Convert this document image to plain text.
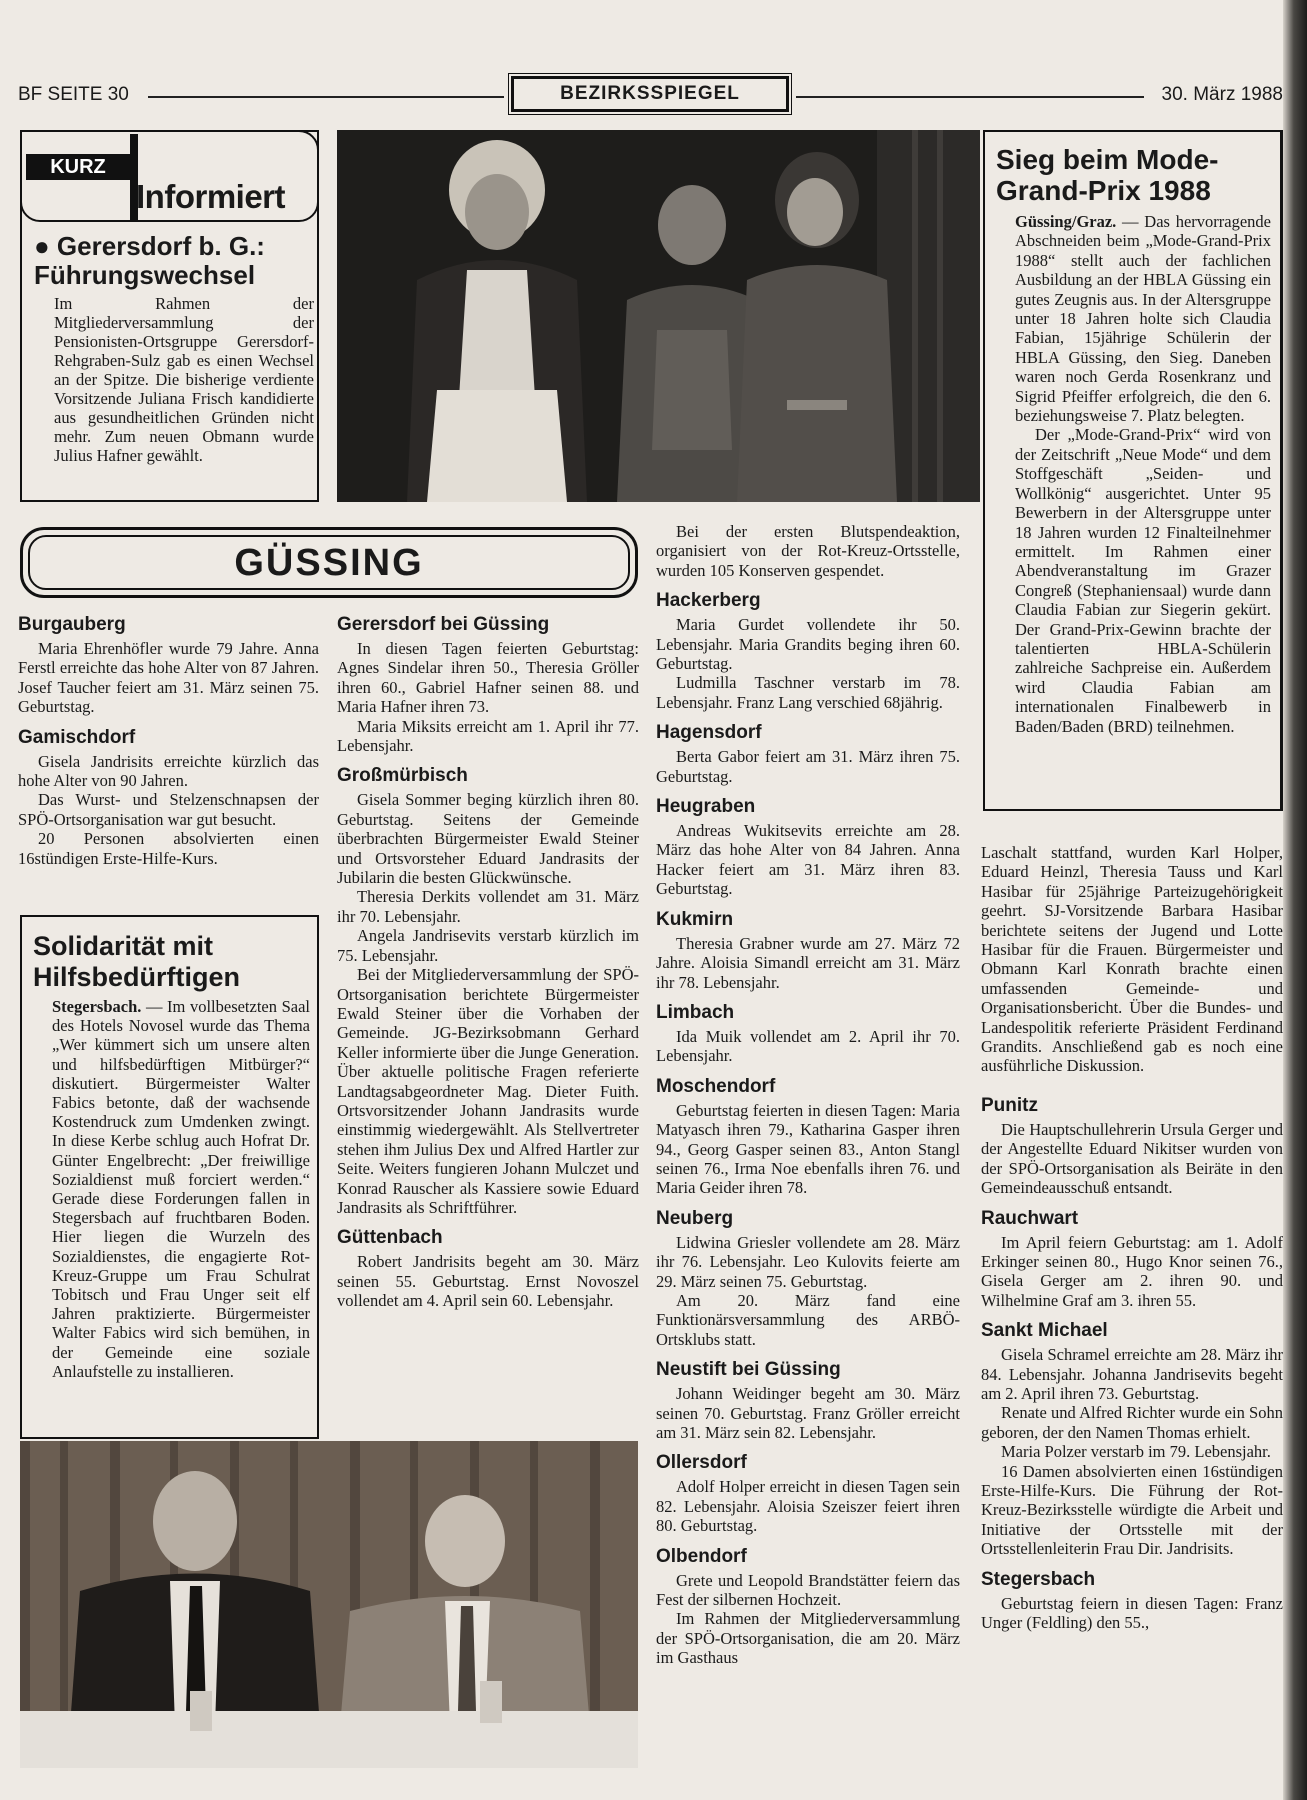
BF SEITE 30	BEZIRKSSPIEGEL	30. März 1988
KURZ
Informiert
● Gerersdorf b. G.: Führungswechsel
Im Rahmen der Mitgliederversammlung der Pensionisten-Ortsgruppe Gerersdorf-Rehgraben-Sulz gab es einen Wechsel an der Spitze. Die bisherige verdiente Vorsitzende Juliana Frisch kandidierte aus gesundheitlichen Gründen nicht mehr. Zum neuen Obmann wurde Julius Hafner gewählt.
Sieg beim Mode-Grand-Prix 1988

Güssing/Graz. — Das hervorragende Abschneiden beim „Mode-Grand-Prix 1988“ stellt auch der fachlichen Ausbildung an der HBLA Güssing ein gutes Zeugnis aus. In der Altersgruppe unter 18 Jahren holte sich Claudia Fabian, 15jährige Schülerin der HBLA Güssing, den Sieg. Daneben waren noch Gerda Rosenkranz und Sigrid Pfeiffer erfolgreich, die den 6. beziehungsweise 7. Platz belegten.

Der „Mode-Grand-Prix“ wird von der Zeitschrift „Neue Mode“ und dem Stoffgeschäft „Seiden- und Wollkönig“ ausgerichtet. Unter 95 Bewerbern in der Altersgruppe unter 18 Jahren wurden 12 Finalteilnehmer ermittelt. Im Rahmen einer Abendveranstaltung im Grazer Congreß (Stephaniensaal) wurde dann Claudia Fabian zur Siegerin gekürt. Der Grand-Prix-Gewinn brachte der talentierten HBLA-Schülerin zahlreiche Sachpreise ein. Außerdem wird Claudia Fabian am internationalen Finalbewerb in Baden/Baden (BRD) teilnehmen.

GÜSSING
Burgauberg

Maria Ehrenhöfler wurde 79 Jahre. Anna Ferstl erreichte das hohe Alter von 87 Jahren. Josef Taucher feiert am 31. März seinen 75. Geburtstag.

Gamischdorf

Gisela Jandrisits erreichte kürzlich das hohe Alter von 90 Jahren.

Das Wurst- und Stelzenschnapsen der SPÖ-Ortsorganisation war gut besucht.

20 Personen absolvierten einen 16stündigen Erste-Hilfe-Kurs.

Solidarität mit Hilfsbedürftigen

Stegersbach. — Im vollbesetzten Saal des Hotels Novosel wurde das Thema „Wer kümmert sich um unsere alten und hilfsbedürftigen Mitbürger?“ diskutiert. Bürgermeister Walter Fabics betonte, daß der wachsende Kostendruck zum Umdenken zwingt. In diese Kerbe schlug auch Hofrat Dr. Günter Engelbrecht: „Der freiwillige Sozialdienst muß forciert werden.“ Gerade diese Forderungen fallen in Stegersbach auf fruchtbaren Boden. Hier liegen die Wurzeln des Sozialdienstes, die engagierte Rot-Kreuz-Gruppe um Frau Schulrat Tobitsch und Frau Unger seit elf Jahren praktizierte. Bürgermeister Walter Fabics wird sich bemühen, in der Gemeinde eine soziale Anlaufstelle zu installieren.

Gerersdorf bei Güssing

In diesen Tagen feierten Geburtstag: Agnes Sindelar ihren 50., Theresia Gröller ihren 60., Gabriel Hafner seinen 88. und Maria Hafner ihren 73.

Maria Miksits erreicht am 1. April ihr 77. Lebensjahr.

Großmürbisch

Gisela Sommer beging kürzlich ihren 80. Geburtstag. Seitens der Gemeinde überbrachten Bürgermeister Ewald Steiner und Ortsvorsteher Eduard Jandrasits der Jubilarin die besten Glückwünsche.

Theresia Derkits vollendet am 31. März ihr 70. Lebensjahr.

Angela Jandrisevits verstarb kürzlich im 75. Lebensjahr.

Bei der Mitgliederversammlung der SPÖ-Ortsorganisation berichtete Bürgermeister Ewald Steiner über die Vorhaben der Gemeinde. JG-Bezirksobmann Gerhard Keller informierte über die Junge Generation. Über aktuelle politische Fragen referierte Landtagsabgeordneter Mag. Dieter Fuith. Ortsvorsitzender Johann Jandrasits wurde einstimmig wiedergewählt. Als Stellvertreter stehen ihm Julius Dex und Alfred Hartler zur Seite. Weiters fungieren Johann Mulczet und Konrad Rauscher als Kassiere sowie Eduard Jandrasits als Schriftführer.

Güttenbach

Robert Jandrisits begeht am 30. März seinen 55. Geburtstag. Ernst Novoszel vollendet am 4. April sein 60. Lebensjahr.

Bei der ersten Blutspendeaktion, organisiert von der Rot-Kreuz-Ortsstelle, wurden 105 Konserven gespendet.

Hackerberg

Maria Gurdet vollendete ihr 50. Lebensjahr. Maria Grandits beging ihren 60. Geburtstag.

Ludmilla Taschner verstarb im 78. Lebensjahr. Franz Lang verschied 68jährig.

Hagensdorf

Berta Gabor feiert am 31. März ihren 75. Geburtstag.

Heugraben

Andreas Wukitsevits erreichte am 28. März das hohe Alter von 84 Jahren. Anna Hacker feiert am 31. März ihren 83. Geburtstag.

Kukmirn

Theresia Grabner wurde am 27. März 72 Jahre. Aloisia Simandl erreicht am 31. März ihr 78. Lebensjahr.

Limbach

Ida Muik vollendet am 2. April ihr 70. Lebensjahr.

Moschendorf

Geburtstag feierten in diesen Tagen: Maria Matyasch ihren 79., Katharina Gasper ihren 94., Georg Gasper seinen 83., Anton Stangl seinen 76., Irma Noe ebenfalls ihren 76. und Maria Geider ihren 78.

Neuberg

Lidwina Griesler vollendete am 28. März ihr 76. Lebensjahr. Leo Kulovits feierte am 29. März seinen 75. Geburtstag.

Am 20. März fand eine Funktionärsversammlung des ARBÖ-Ortsklubs statt.

Neustift bei Güssing

Johann Weidinger begeht am 30. März seinen 70. Geburtstag. Franz Gröller erreicht am 31. März sein 82. Lebensjahr.

Ollersdorf

Adolf Holper erreicht in diesen Tagen sein 82. Lebensjahr. Aloisia Szeiszer feiert ihren 80. Geburtstag.

Olbendorf

Grete und Leopold Brandstätter feiern das Fest der silbernen Hochzeit.

Im Rahmen der Mitgliederversammlung der SPÖ-Ortsorganisation, die am 20. März im Gasthaus

Laschalt stattfand, wurden Karl Holper, Eduard Heinzl, Theresia Tauss und Karl Hasibar für 25jährige Parteizugehörigkeit geehrt. SJ-Vorsitzende Barbara Hasibar berichtete seitens der Jugend und Lotte Hasibar für die Frauen. Bürgermeister und Obmann Karl Konrath brachte einen umfassenden Gemeinde- und Organisationsbericht. Über die Bundes- und Landespolitik referierte Präsident Ferdinand Grandits. Anschließend gab es noch eine ausführliche Diskussion.

Punitz

Die Hauptschullehrerin Ursula Gerger und der Angestellte Eduard Nikitser wurden von der SPÖ-Ortsorganisation als Beiräte in den Gemeindeausschuß entsandt.

Rauchwart

Im April feiern Geburtstag: am 1. Adolf Erkinger seinen 80., Hugo Knor seinen 76., Gisela Gerger am 2. ihren 90. und Wilhelmine Graf am 3. ihren 55.

Sankt Michael

Gisela Schramel erreichte am 28. März ihr 84. Lebensjahr. Johanna Jandrisevits begeht am 2. April ihren 73. Geburtstag.

Renate und Alfred Richter wurde ein Sohn geboren, der den Namen Thomas erhielt.

Maria Polzer verstarb im 79. Lebensjahr.

16 Damen absolvierten einen 16stündigen Erste-Hilfe-Kurs. Die Führung der Rot-Kreuz-Bezirksstelle würdigte die Arbeit und Initiative der Ortsstelle mit der Ortsstellenleiterin Frau Dir. Jandrisits.

Stegersbach

Geburtstag feiern in diesen Tagen: Franz Unger (Feldling) den 55.,
